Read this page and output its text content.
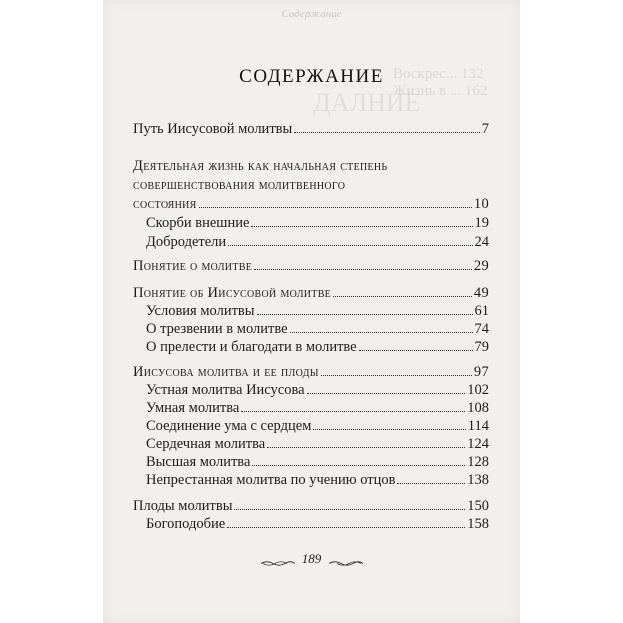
Воскрес... 132
Жизнь в ... 162
ДАЛНИЕ
Содержание
СОДЕРЖАНИЕ
Путь Иисусовой молитвы	7
Деятельная жизнь как начальная степень
совершенствования молитвенного
состояния	10
Скорби внешние	19
Добродетели	24
Понятие о молитве	29
Понятие об Иисусовой молитве	49
Условия молитвы	61
О трезвении в молитве	74
О прелести и благодати в молитве	79
Иисусова молитва и ее плоды	97
Устная молитва Иисусова	102
Умная молитва	108
Соединение ума с сердцем	114
Сердечная молитва	124
Высшая молитва	128
Непрестанная молитва по учению отцов	138
Плоды молитвы	150
Богоподобие	158
189
